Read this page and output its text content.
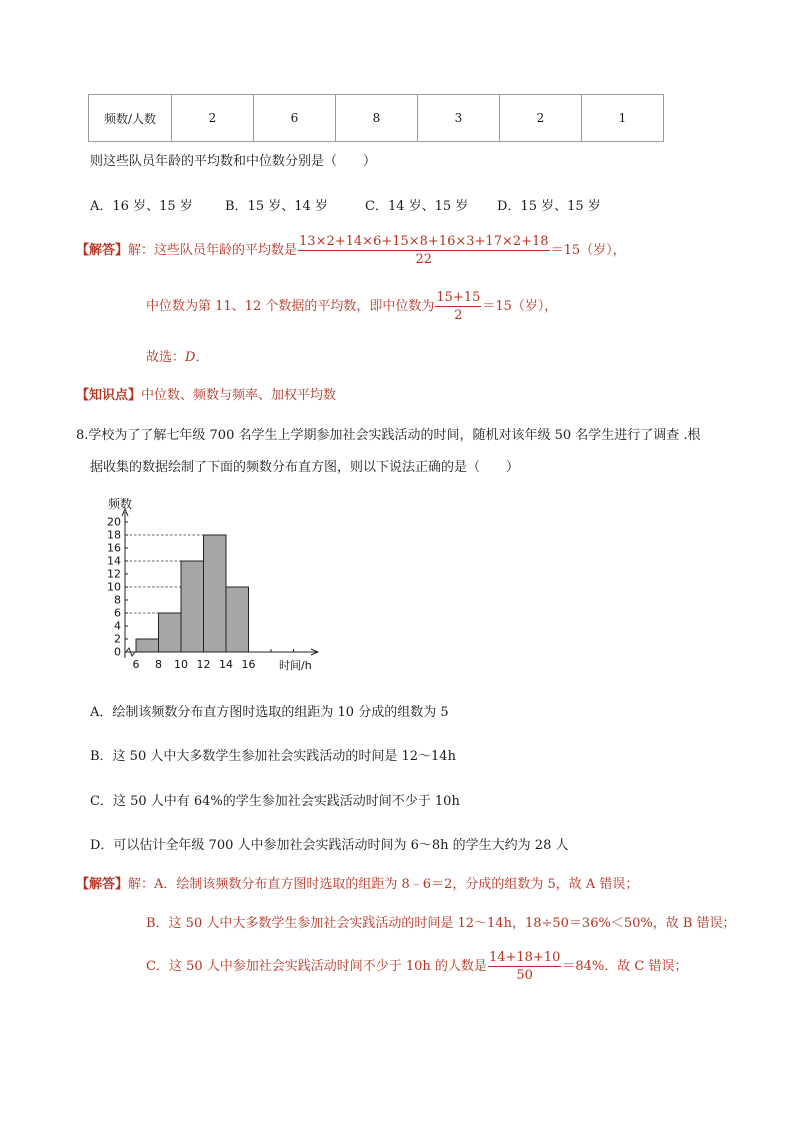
频数/人数	2	6	8	3	2	1
则这些队员年龄的平均数和中位数分别是（　　）
A．16 岁、15 岁 B．15 岁、14 岁	C．14 岁、15 岁 D．15 岁、15 岁
【解答】解：这些队员年龄的平均数是 $\frac{13\times 2+14\times 6+15\times 8+16\times 3+17\times 2+18}{22} =15$（岁），
中位数为第 11、12 个数据的平均数，即中位数为 $\frac{15+15}{2} =15$（岁），
故选：D．
【知识点】中位数、频数与频率、加权平均数
8.学校为了了解七年级 700 名学生上学期参加社会实践活动的时间，随机对该年级 50 名学生进行了调查 .根
据收集的数据绘制了下面的频数分布直方图，则以下说法正确的是（　　）
0
2
4
6
8
10
12
14
16
18
20
6 8 10 12 14 16
频数
时间/h
A．绘制该频数分布直方图时选取的组距为 10 分成的组数为 5
B．这 50 人中大多数学生参加社会实践活动的时间是 12～14h
C．这 50 人中有 64%的学生参加社会实践活动时间不少于 10h
D．可以估计全年级 700 人中参加社会实践活动时间为 6～8h 的学生大约为 28 人
【解答】解：A．绘制该频数分布直方图时选取的组距为 8﹣6＝2，分成的组数为 5，故 A 错误；
B．这 50 人中大多数学生参加社会实践活动的时间是 12～14h，18÷50＝36%＜50%，故 B 错误；
C．这 50 人中参加社会实践活动时间不少于 10h 的人数是 $\frac{14+18+10}{50} =84\%$．故 C 错误；
